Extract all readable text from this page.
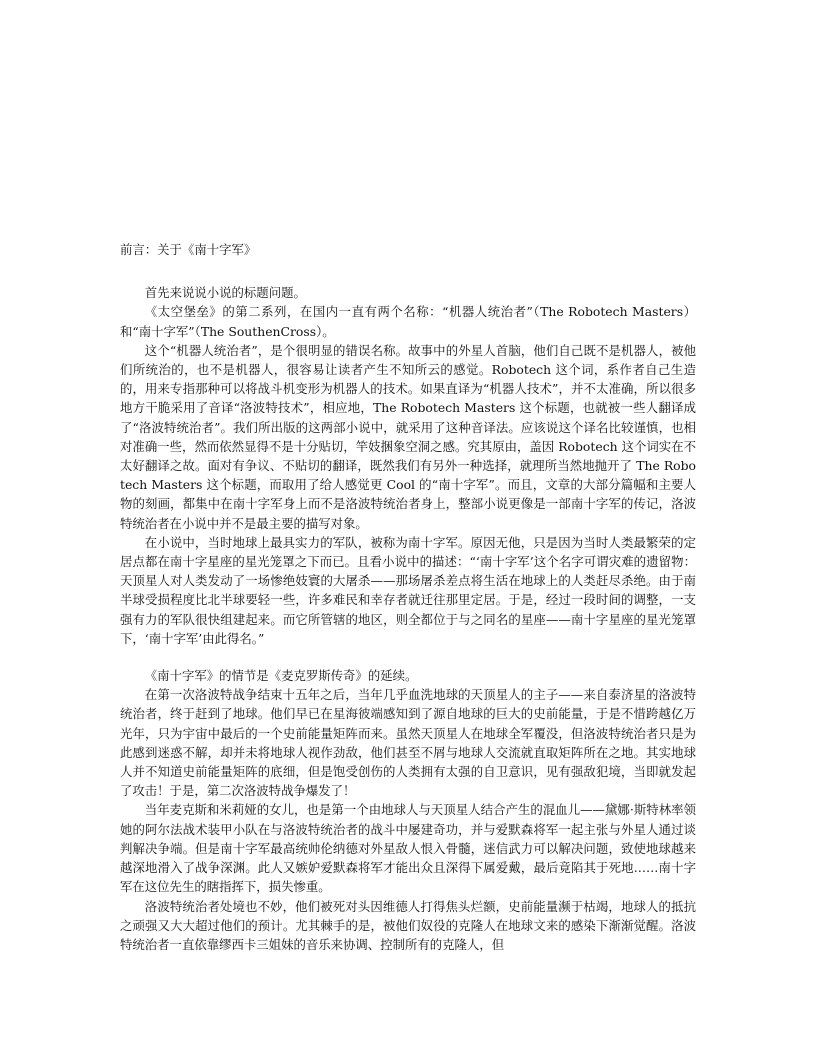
前言：关于《南十字军》

首先来说说小说的标题问题。

《太空堡垒》的第二系列，在国内一直有两个名称：“机器人统治者”（The Robotech Masters）和“南十字军”（The SouthenCross）。

这个“机器人统治者”，是个很明显的错误名称。故事中的外星人首脑，他们自己既不是机器人，被他们所统治的，也不是机器人，很容易让读者产生不知所云的感觉。Robotech 这个词，系作者自己生造的，用来专指那种可以将战斗机变形为机器人的技术。如果直译为“机器人技术”，并不太准确，所以很多地方干脆采用了音译“洛波特技术”，相应地，The Robotech Masters 这个标题，也就被一些人翻译成了“洛波特统治者”。我们所出版的这两部小说中，就采用了这种音译法。应该说这个译名比较谨慎，也相对准确一些，然而依然显得不是十分贴切，竿妓捆象空洞之感。究其原由，盖因 Robotech 这个词实在不太好翻译之故。面对有争议、不贴切的翻译，既然我们有另外一种选择，就理所当然地抛开了 The Robotech Masters 这个标题，而取用了给人感觉更 Cool 的“南十字军”。而且，文章的大部分篇幅和主要人物的刻画，都集中在南十字军身上而不是洛波特统治者身上，整部小说更像是一部南十字军的传记，洛波特统治者在小说中并不是最主要的描写对象。

在小说中，当时地球上最具实力的军队，被称为南十字军。原因无他，只是因为当时人类最繁荣的定居点都在南十字星座的星光笼罩之下而已。且看小说中的描述：“‘南十字军’这个名字可谓灾难的遗留物：天顶星人对人类发动了一场惨绝妓寰的大屠杀——那场屠杀差点将生活在地球上的人类赶尽杀绝。由于南半球受损程度比北半球要轻一些，许多难民和幸存者就迁往那里定居。于是，经过一段时间的调整，一支强有力的军队很快组建起来。而它所管辖的地区，则全都位于与之同名的星座——南十字星座的星光笼罩下，‘南十字军’由此得名。”

《南十字军》的情节是《麦克罗斯传奇》的延续。

在第一次洛波特战争结束十五年之后，当年几乎血洗地球的天顶星人的主子——来自泰济星的洛波特统治者，终于赶到了地球。他们早已在星海彼端感知到了源自地球的巨大的史前能量，于是不惜跨越亿万光年，只为宇宙中最后的一个史前能量矩阵而来。虽然天顶星人在地球全军覆没，但洛波特统治者只是为此感到迷惑不解，却并未将地球人视作劲敌，他们甚至不屑与地球人交流就直取矩阵所在之地。其实地球人并不知道史前能量矩阵的底细，但是饱受创伤的人类拥有太强的自卫意识，见有强敌犯境，当即就发起了攻击！于是，第二次洛波特战争爆发了！

当年麦克斯和米莉娅的女儿，也是第一个由地球人与天顶星人结合产生的混血儿——黛娜·斯特林率领她的阿尔法战术装甲小队在与洛波特统治者的战斗中屡建奇功，并与爱默森将军一起主张与外星人通过谈判解决争端。但是南十字军最高统帅伦纳德对外星敌人恨入骨髓，迷信武力可以解决问题，致使地球越来越深地滑入了战争深渊。此人又嫉妒爱默森将军才能出众且深得下属爱戴，最后竟陷其于死地……南十字军在这位先生的瞎指挥下，损失惨重。

洛波特统治者处境也不妙，他们被死对头因维德人打得焦头烂额，史前能量濒于枯竭，地球人的抵抗之顽强又大大超过他们的预计。尤其棘手的是，被他们奴役的克隆人在地球文来的感染下渐渐觉醒。洛波特统治者一直依靠缪西卡三姐妹的音乐来协调、控制所有的克隆人，但
